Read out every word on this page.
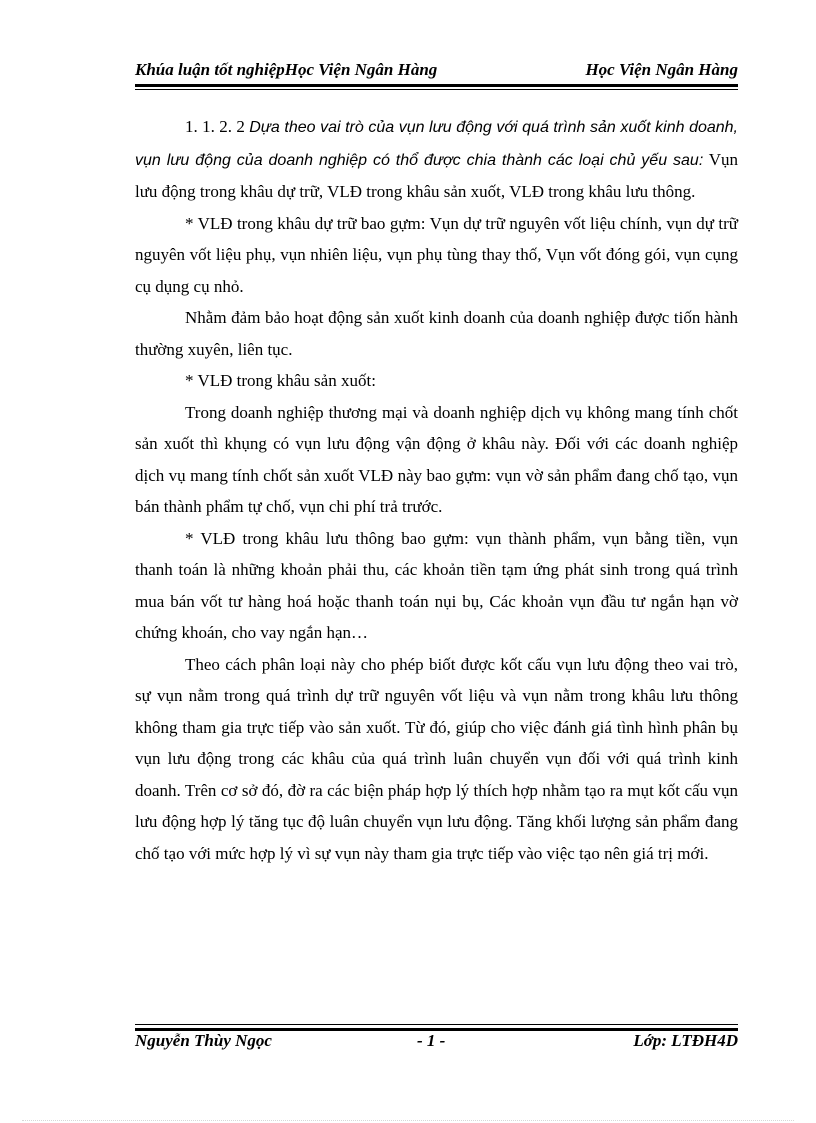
Khúa luận tốt nghiệpHọc Viện Ngân Hàng	Học Viện Ngân Hàng

1. 1. 2. 2 Dựa theo vai trò của vụn lưu động với quá trình sản xuốt kinh doanh, vụn lưu động của doanh nghiệp có thổ được chia thành các loại chủ yếu sau: Vụn lưu động trong khâu dự trữ, VLĐ trong khâu sản xuốt, VLĐ trong khâu lưu thông.

* VLĐ trong khâu dự trữ bao gựm: Vụn dự trữ nguyên vốt liệu chính, vụn dự trữ nguyên vốt liệu phụ, vụn nhiên liệu, vụn phụ tùng thay thố, Vụn vốt đóng gói, vụn cụng cụ dụng cụ nhỏ.

Nhằm đảm bảo hoạt động sản xuốt kinh doanh của doanh nghiệp được tiốn hành thường xuyên, liên tục.

* VLĐ trong khâu sản xuốt:

Trong doanh nghiệp thương mại và doanh nghiệp dịch vụ không mang tính chốt sản xuốt thì khụng có vụn lưu động vận động ở khâu này. Đối với các doanh nghiệp dịch vụ mang tính chốt sản xuốt VLĐ này bao gựm: vụn vờ sản phẩm đang chố tạo, vụn bán thành phẩm tự chố, vụn chi phí trả trước.

* VLĐ trong khâu lưu thông bao gựm: vụn thành phẩm, vụn bằng tiền, vụn thanh toán là những khoản phải thu, các khoản tiền tạm ứng phát sinh trong quá trình mua bán vốt tư hàng hoá hoặc thanh toán nụi bụ, Các khoản vụn đầu tư ngắn hạn vờ chứng khoán, cho vay ngắn hạn…

Theo cách phân loại này cho phép biốt được kốt cấu vụn lưu động theo vai trò, sự vụn nằm trong quá trình dự trữ nguyên vốt liệu và vụn nằm trong khâu lưu thông không tham gia trực tiếp vào sản xuốt. Từ đó, giúp cho việc đánh giá tình hình phân bụ vụn lưu động trong các khâu của quá trình luân chuyển vụn đối với quá trình kinh doanh. Trên cơ sở đó, đờ ra các biện pháp hợp lý thích hợp nhằm tạo ra mụt kốt cấu vụn lưu động hợp lý tăng tục độ luân chuyển vụn lưu động. Tăng khối lượng sản phẩm đang chố tạo với mức hợp lý vì sự vụn này tham gia trực tiếp vào việc tạo nên giá trị mới.

Nguyễn Thùy Ngọc	- 1 -	Lớp: LTĐH4D
